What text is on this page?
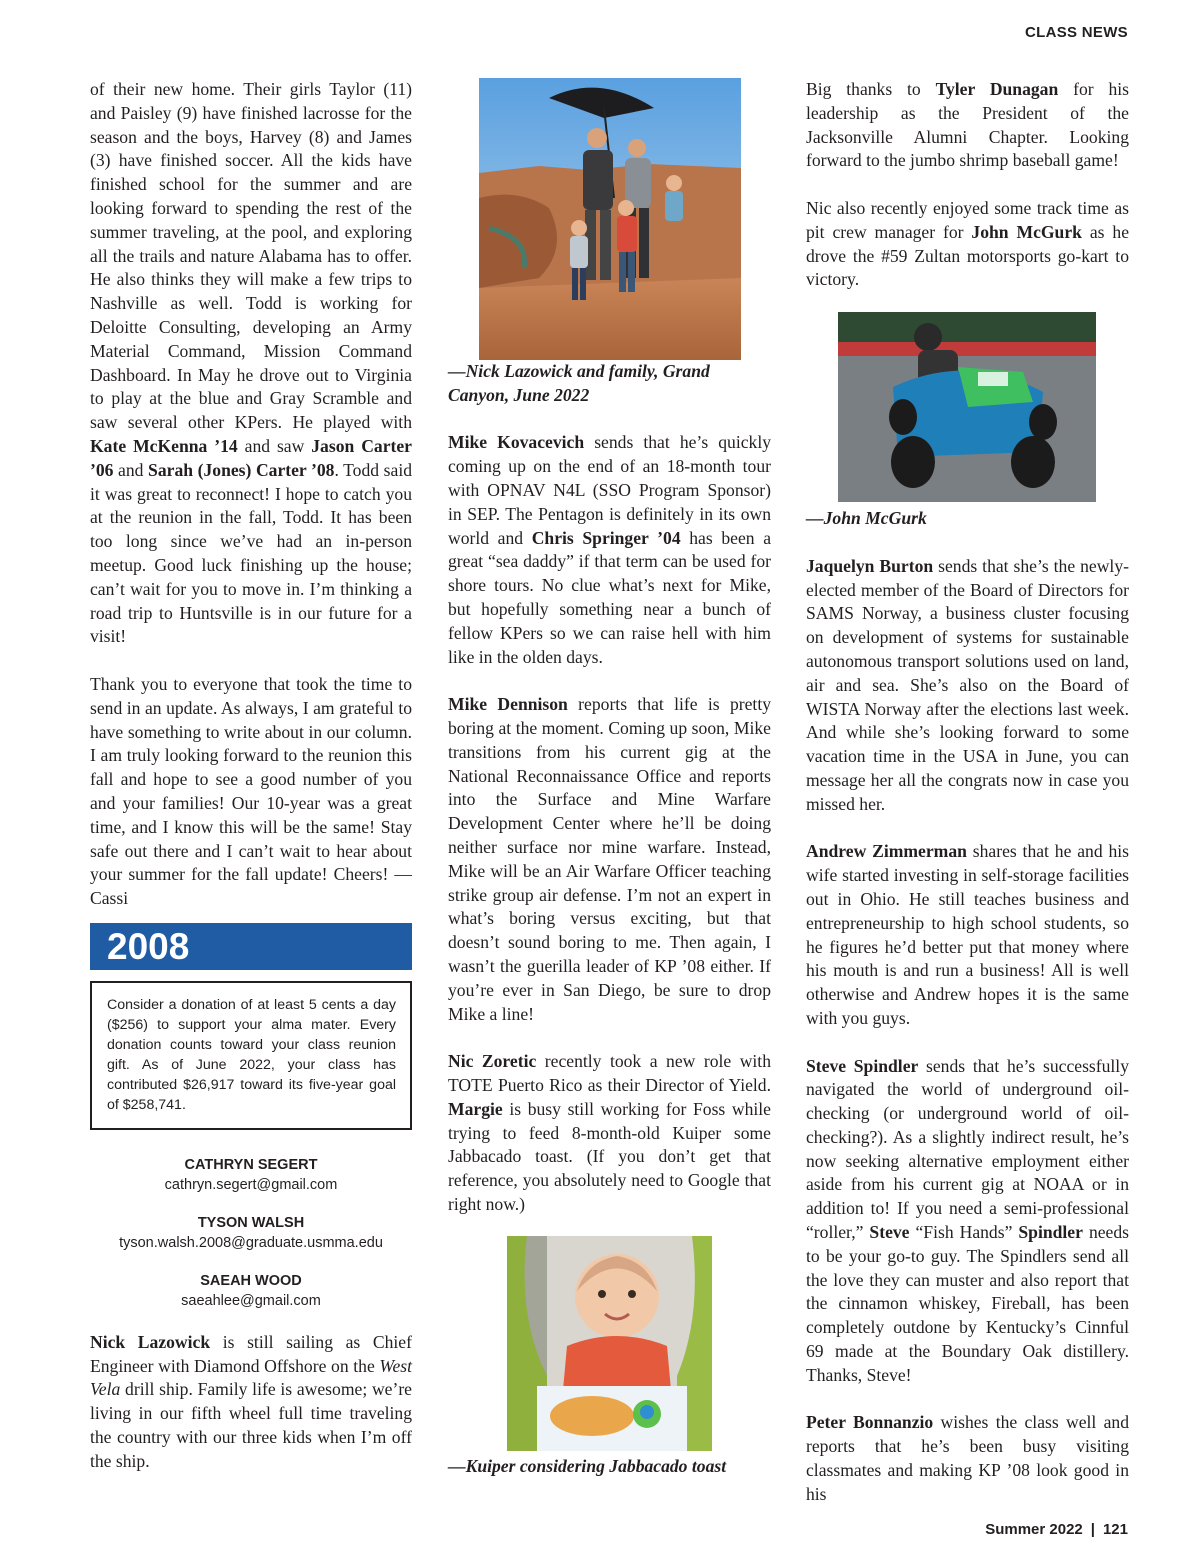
CLASS NEWS

of their new home. Their girls Taylor (11) and Paisley (9) have finished lacrosse for the season and the boys, Harvey (8) and James (3) have finished soccer. All the kids have finished school for the summer and are looking forward to spending the rest of the summer traveling, at the pool, and exploring all the trails and nature Alabama has to offer. He also thinks they will make a few trips to Nashville as well. Todd is working for Deloitte Consulting, developing an Army Material Command, Mission Command Dashboard. In May he drove out to Virginia to play at the blue and Gray Scramble and saw several other KPers. He played with Kate McKenna ’14 and saw Jason Carter ’06 and Sarah (Jones) Carter ’08. Todd said it was great to reconnect! I hope to catch you at the reunion in the fall, Todd. It has been too long since we’ve had an in-person meetup. Good luck finishing up the house; can’t wait for you to move in. I’m thinking a road trip to Huntsville is in our future for a visit!

Thank you to everyone that took the time to send in an update. As always, I am grateful to have something to write about in our column. I am truly looking forward to the reunion this fall and hope to see a good number of you and your families! Our 10-year was a great time, and I know this will be the same! Stay safe out there and I can’t wait to hear about your summer for the fall update! Cheers! —Cassi

2008
Consider a donation of at least 5 cents a day ($256) to support your alma mater. Every donation counts toward your class reunion gift. As of June 2022, your class has contributed $26,917 toward its five-year goal of $258,741.
CATHRYN SEGERT
cathryn.segert@gmail.com
TYSON WALSH
tyson.walsh.2008@graduate.usmma.edu
SAEAH WOOD
saeahlee@gmail.com

Nick Lazowick is still sailing as Chief Engineer with Diamond Offshore on the West Vela drill ship. Family life is awesome; we’re living in our fifth wheel full time traveling the country with our three kids when I’m off the ship.

—Nick Lazowick and family, Grand Canyon, June 2022

Mike Kovacevich sends that he’s quickly coming up on the end of an 18-month tour with OPNAV N4L (SSO Program Sponsor) in SEP. The Pentagon is definitely in its own world and Chris Springer ’04 has been a great “sea daddy” if that term can be used for shore tours. No clue what’s next for Mike, but hopefully something near a bunch of fellow KPers so we can raise hell with him like in the olden days.

Mike Dennison reports that life is pretty boring at the moment. Coming up soon, Mike transitions from his current gig at the National Reconnaissance Office and reports into the Surface and Mine Warfare Development Center where he’ll be doing neither surface nor mine warfare. Instead, Mike will be an Air Warfare Officer teaching strike group air defense. I’m not an expert in what’s boring versus exciting, but that doesn’t sound boring to me. Then again, I wasn’t the guerilla leader of KP ’08 either. If you’re ever in San Diego, be sure to drop Mike a line!

Nic Zoretic recently took a new role with TOTE Puerto Rico as their Director of Yield. Margie is busy still working for Foss while trying to feed 8-month-old Kuiper some Jabbacado toast. (If you don’t get that reference, you absolutely need to Google that right now.)

—Kuiper considering Jabbacado toast

Big thanks to Tyler Dunagan for his leadership as the President of the Jacksonville Alumni Chapter. Looking forward to the jumbo shrimp baseball game!

Nic also recently enjoyed some track time as pit crew manager for John McGurk as he drove the #59 Zultan motorsports go-kart to victory.

—John McGurk

Jaquelyn Burton sends that she’s the newly-elected member of the Board of Directors for SAMS Norway, a business cluster focusing on development of systems for sustainable autonomous transport solutions used on land, air and sea. She’s also on the Board of WISTA Norway after the elections last week. And while she’s looking forward to some vacation time in the USA in June, you can message her all the congrats now in case you missed her.

Andrew Zimmerman shares that he and his wife started investing in self-storage facilities out in Ohio. He still teaches business and entrepreneurship to high school students, so he figures he’d better put that money where his mouth is and run a business! All is well otherwise and Andrew hopes it is the same with you guys.

Steve Spindler sends that he’s successfully navigated the world of underground oil-checking (or underground world of oil-checking?). As a slightly indirect result, he’s now seeking alternative employment either aside from his current gig at NOAA or in addition to! If you need a semi-professional “roller,” Steve “Fish Hands” Spindler needs to be your go-to guy. The Spindlers send all the love they can muster and also report that the cinnamon whiskey, Fireball, has been completely outdone by Kentucky’s Cinnful 69 made at the Boundary Oak distillery. Thanks, Steve!

Peter Bonnanzio wishes the class well and reports that he’s been busy visiting classmates and making KP ’08 look good in his

Summer 2022 | 121
